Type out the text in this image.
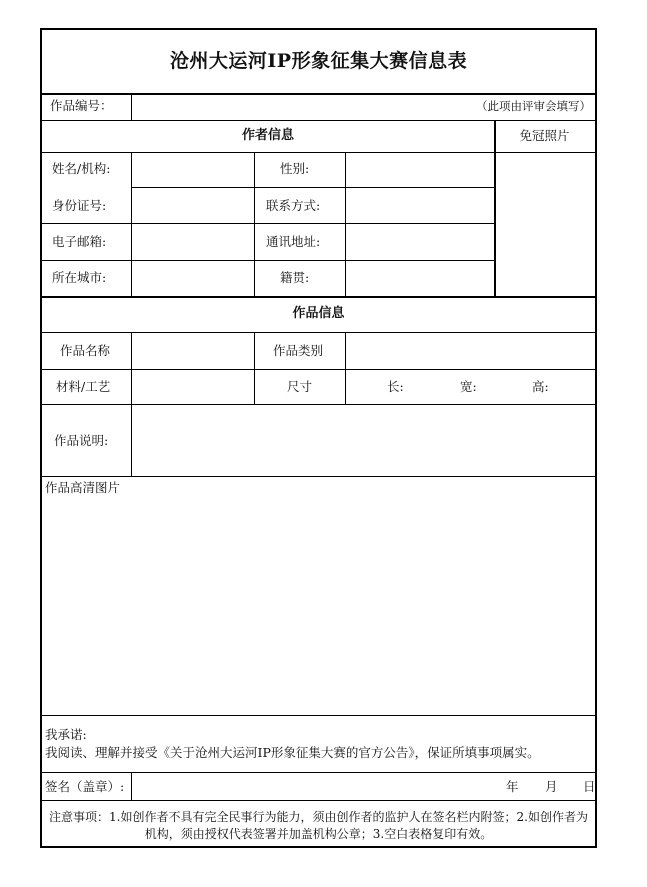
沧州大运河IP形象征集大赛信息表
作品编号：	（此项由评审会填写）
作者信息	免冠照片
姓名/机构:	性别:
身份证号:	联系方式:
电子邮箱:	通讯地址:
所在城市:	籍贯:
作品信息
作品名称	作品类别
材料/工艺	尺寸	长:	宽:	高:
作品说明:
作品高清图片
我承诺:
我阅读、理解并接受《关于沧州大运河IP形象征集大赛的官方公告》，保证所填事项属实。
签名（盖章）:	年 月 日
注意事项：1.如创作者不具有完全民事行为能力，须由创作者的监护人在签名栏内附签；2.如创作者为机构，须由授权代表签署并加盖机构公章；3.空白表格复印有效。
